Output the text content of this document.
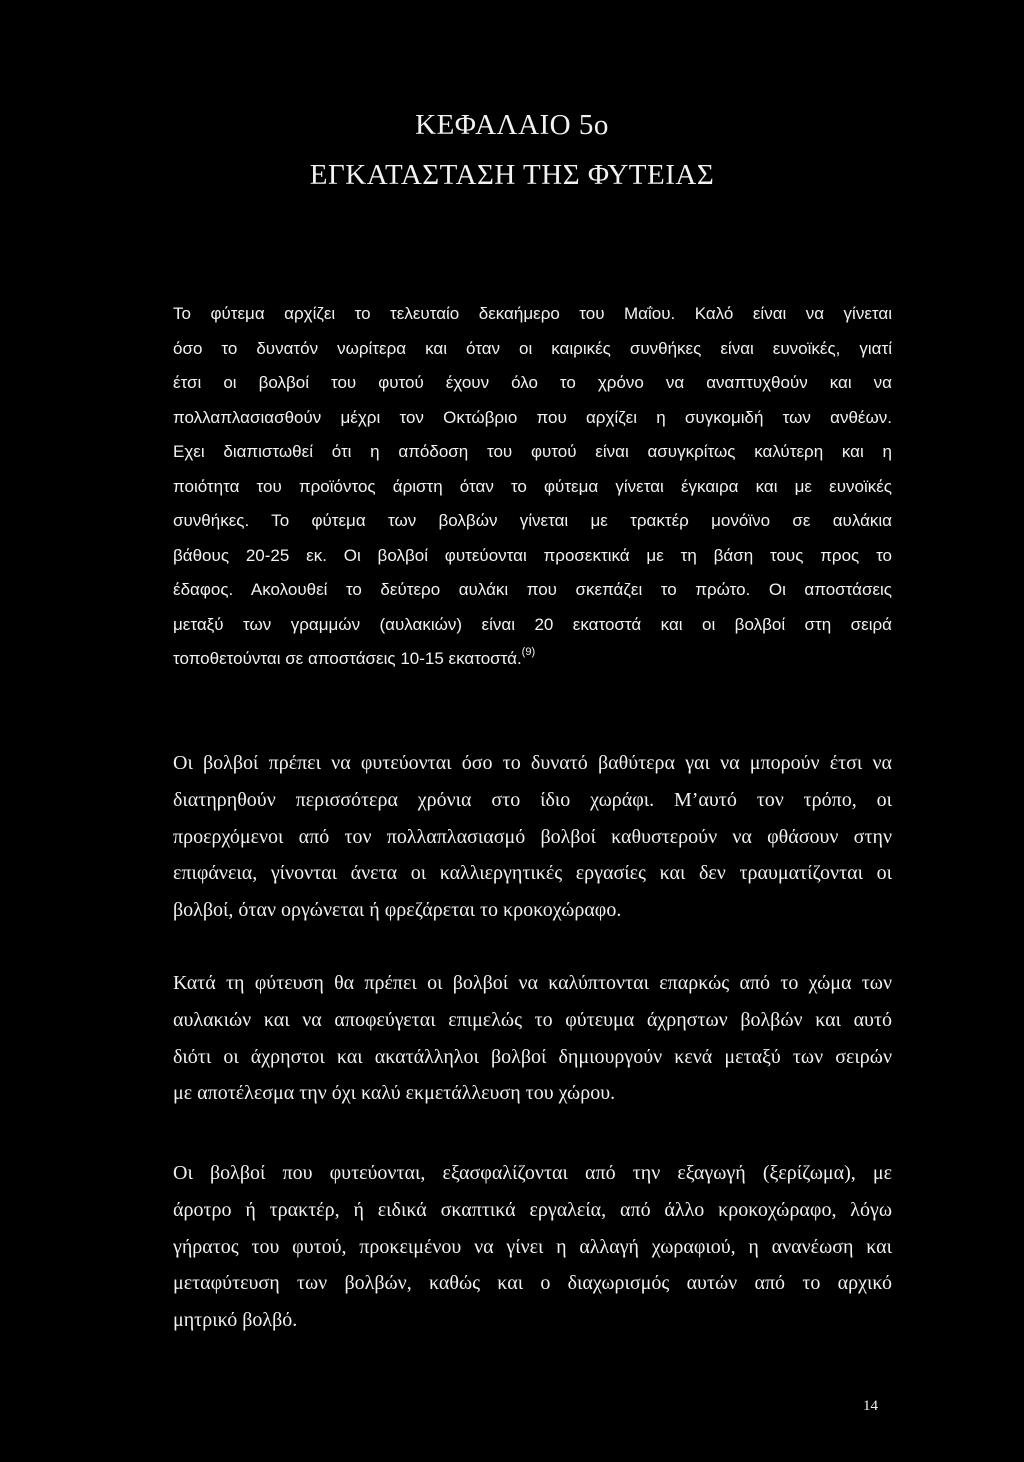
ΚΕΦΑΛΑΙΟ 5ο
ΕΓΚΑΤΑΣΤΑΣΗ ΤΗΣ ΦΥΤΕΙΑΣ
Το φύτεμα αρχίζει το τελευταίο δεκαήμερο του Μαΐου. Καλό είναι να γίνεται
όσο το δυνατόν νωρίτερα και όταν οι καιρικές συνθήκες είναι ευνοϊκές, γιατί
έτσι οι βολβοί του φυτού έχουν όλο το χρόνο να αναπτυχθούν και να
πολλαπλασιασθούν μέχρι τον Οκτώβριο που αρχίζει η συγκομιδή των ανθέων.
Εχει διαπιστωθεί ότι η απόδοση του φυτού είναι ασυγκρίτως καλύτερη και η
ποιότητα του προϊόντος άριστη όταν το φύτεμα γίνεται έγκαιρα και με ευνοϊκές
συνθήκες. Το φύτεμα των βολβών γίνεται με τρακτέρ μονόϊνο σε αυλάκια
βάθους 20-25 εκ. Οι βολβοί φυτεύονται προσεκτικά με τη βάση τους προς το
έδαφος. Ακολουθεί το δεύτερο αυλάκι που σκεπάζει το πρώτο. Οι αποστάσεις
μεταξύ των γραμμών (αυλακιών) είναι 20 εκατοστά και οι βολβοί στη σειρά
τοποθετούνται σε αποστάσεις 10-15 εκατοστά.$^{(9)}$
Οι βολβοί πρέπει να φυτεύονται όσο το δυνατό βαθύτερα γαι να μπορούν έτσι να
διατηρηθούν περισσότερα χρόνια στο ίδιο χωράφι. Μ’αυτό τον τρόπο, οι
προερχόμενοι από τον πολλαπλασιασμό βολβοί καθυστερούν να φθάσουν στην
επιφάνεια, γίνονται άνετα οι καλλιεργητικές εργασίες και δεν τραυματίζονται οι
βολβοί, όταν οργώνεται ή φρεζάρεται το κροκοχώραφο.
Κατά τη φύτευση θα πρέπει οι βολβοί να καλύπτονται επαρκώς από το χώμα των
αυλακιών και να αποφεύγεται επιμελώς το φύτευμα άχρηστων βολβών και αυτό
διότι οι άχρηστοι και ακατάλληλοι βολβοί δημιουργούν κενά μεταξύ των σειρών
με αποτέλεσμα την όχι καλύ εκμετάλλευση του χώρου.
Οι βολβοί που φυτεύονται, εξασφαλίζονται από την εξαγωγή (ξερίζωμα), με
άροτρο ή τρακτέρ, ή ειδικά σκαπτικά εργαλεία, από άλλο κροκοχώραφο, λόγω
γήρατος του φυτού, προκειμένου να γίνει η αλλαγή χωραφιού, η ανανέωση και
μεταφύτευση των βολβών, καθώς και ο διαχωρισμός αυτών από το αρχικό
μητρικό βολβό.
14
